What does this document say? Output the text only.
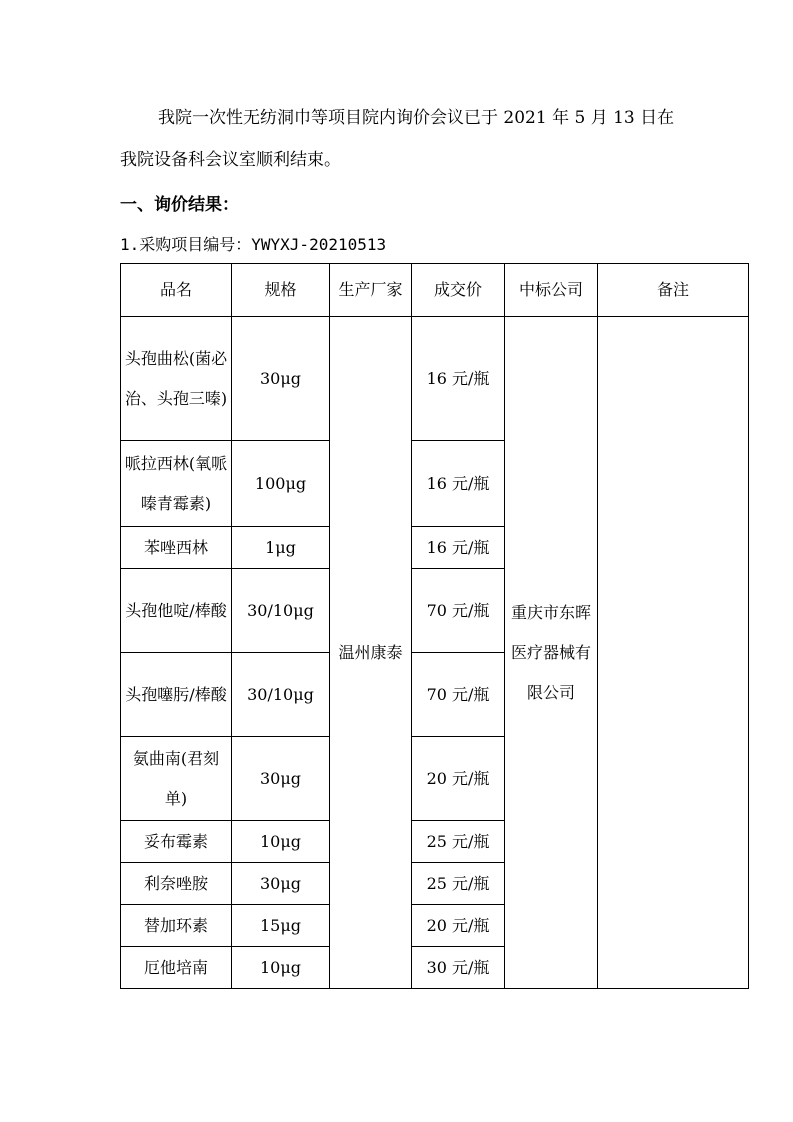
我院一次性无纺洞巾等项目院内询价会议已于 2021 年 5 月 13 日在
我院设备科会议室顺利结束。
一、询价结果：
1.采购项目编号：YWYXJ-20210513
品名	规格	生产厂家	成交价	中标公司	备注
头孢曲松(菌必治、头孢三嗪)	30μg	温州康泰	16 元/瓶	重庆市东晖医疗器械有限公司	
哌拉西林(氧哌嗪青霉素)	100μg		16 元/瓶		
苯唑西林	1μg		16 元/瓶		
头孢他啶/棒酸	30/10μg		70 元/瓶		
头孢噻肟/棒酸	30/10μg		70 元/瓶		
氨曲南(君刻单)	30μg		20 元/瓶		
妥布霉素	10μg		25 元/瓶		
利奈唑胺	30μg		25 元/瓶		
替加环素	15μg		20 元/瓶		
厄他培南	10μg		30 元/瓶		
